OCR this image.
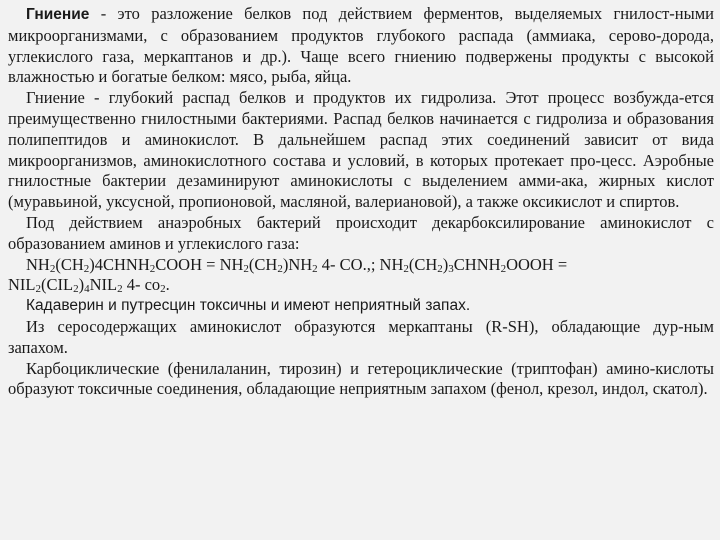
Гниение - это разложение белков под действием ферментов, выделяемых гнилост-ными микроорганизмами, с образованием продуктов глубокого распада (аммиака, серово-дорода, углекислого газа, меркаптанов и др.). Чаще всего гниению подвержены продукты с высокой влажностью и богатые белком: мясо, рыба, яйца.

Гниение - глубокий распад белков и продуктов их гидролиза. Этот процесс возбужда-ется преимущественно гнилостными бактериями. Распад белков начинается с гидролиза и образования полипептидов и аминокислот. В дальнейшем распад этих соединений зависит от вида микроорганизмов, аминокислотного состава и условий, в которых протекает про-цесс. Аэробные гнилостные бактерии дезаминируют аминокислоты с выделением амми-ака, жирных кислот (муравьиной, уксусной, пропионовой, масляной, валериановой), а также оксикислот и спиртов.

Под действием анаэробных бактерий происходит декарбоксилирование аминокислот с образованием аминов и углекислого газа:

$NH_2(CH_2)4CHNH_2COOH = NH_2(CH_2)NH_2$ 4- CO.,; $NH_2(CH_2)_3CHNH_2OOOH$ =

$NIL_2(CIL_2)_4NIL_2$ 4- $co_2$.

Кадаверин и путресцин токсичны и имеют неприятный запах.

Из серосодержащих аминокислот образуются меркаптаны (R-SH), обладающие дур-ным запахом.

Карбоциклические (фенилаланин, тирозин) и гетероциклические (триптофан) амино-кислоты образуют токсичные соединения, обладающие неприятным запахом (фенол, крезол, индол, скатол).
